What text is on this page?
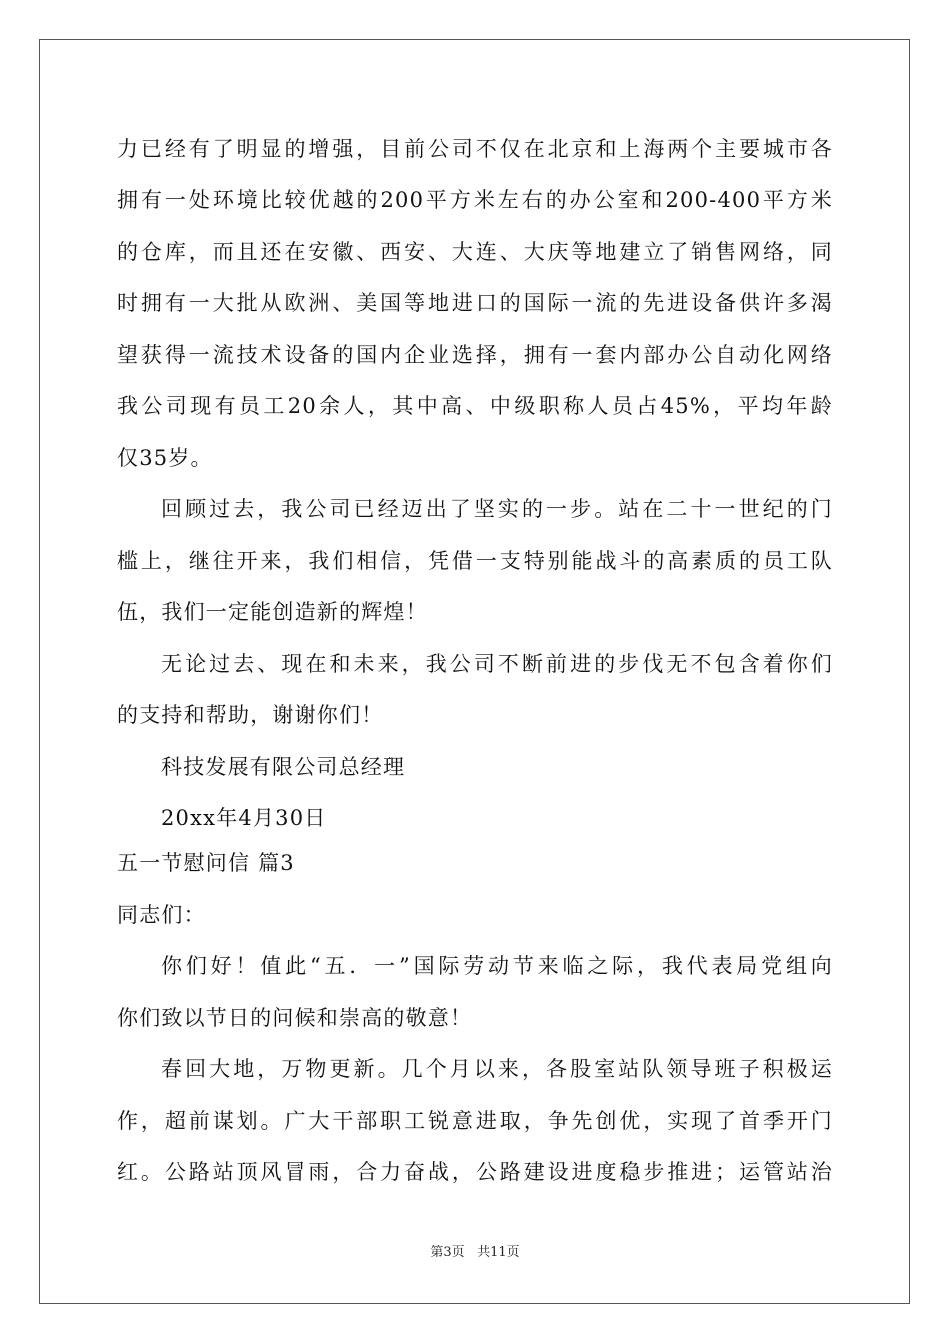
力已经有了明显的增强，目前公司不仅在北京和上海两个主要城市各
拥有一处环境比较优越的200平方米左右的办公室和200-400平方米
的仓库，而且还在安徽、西安、大连、大庆等地建立了销售网络，同
时拥有一大批从欧洲、美国等地进口的国际一流的先进设备供许多渴
望获得一流技术设备的国内企业选择，拥有一套内部办公自动化网络
我公司现有员工20余人，其中高、中级职称人员占45%，平均年龄
仅35岁。
回顾过去，我公司已经迈出了坚实的一步。站在二十一世纪的门
槛上，继往开来，我们相信，凭借一支特别能战斗的高素质的员工队
伍，我们一定能创造新的辉煌！
无论过去、现在和未来，我公司不断前进的步伐无不包含着你们
的支持和帮助，谢谢你们！
科技发展有限公司总经理
20xx年4月30日
五一节慰问信 篇3
同志们：
你们好！值此“五．一”国际劳动节来临之际，我代表局党组向
你们致以节日的问候和崇高的敬意！
春回大地，万物更新。几个月以来，各股室站队领导班子积极运
作，超前谋划。广大干部职工锐意进取，争先创优，实现了首季开门
红。公路站顶风冒雨，合力奋战，公路建设进度稳步推进；运管站治
第3页 共11页
